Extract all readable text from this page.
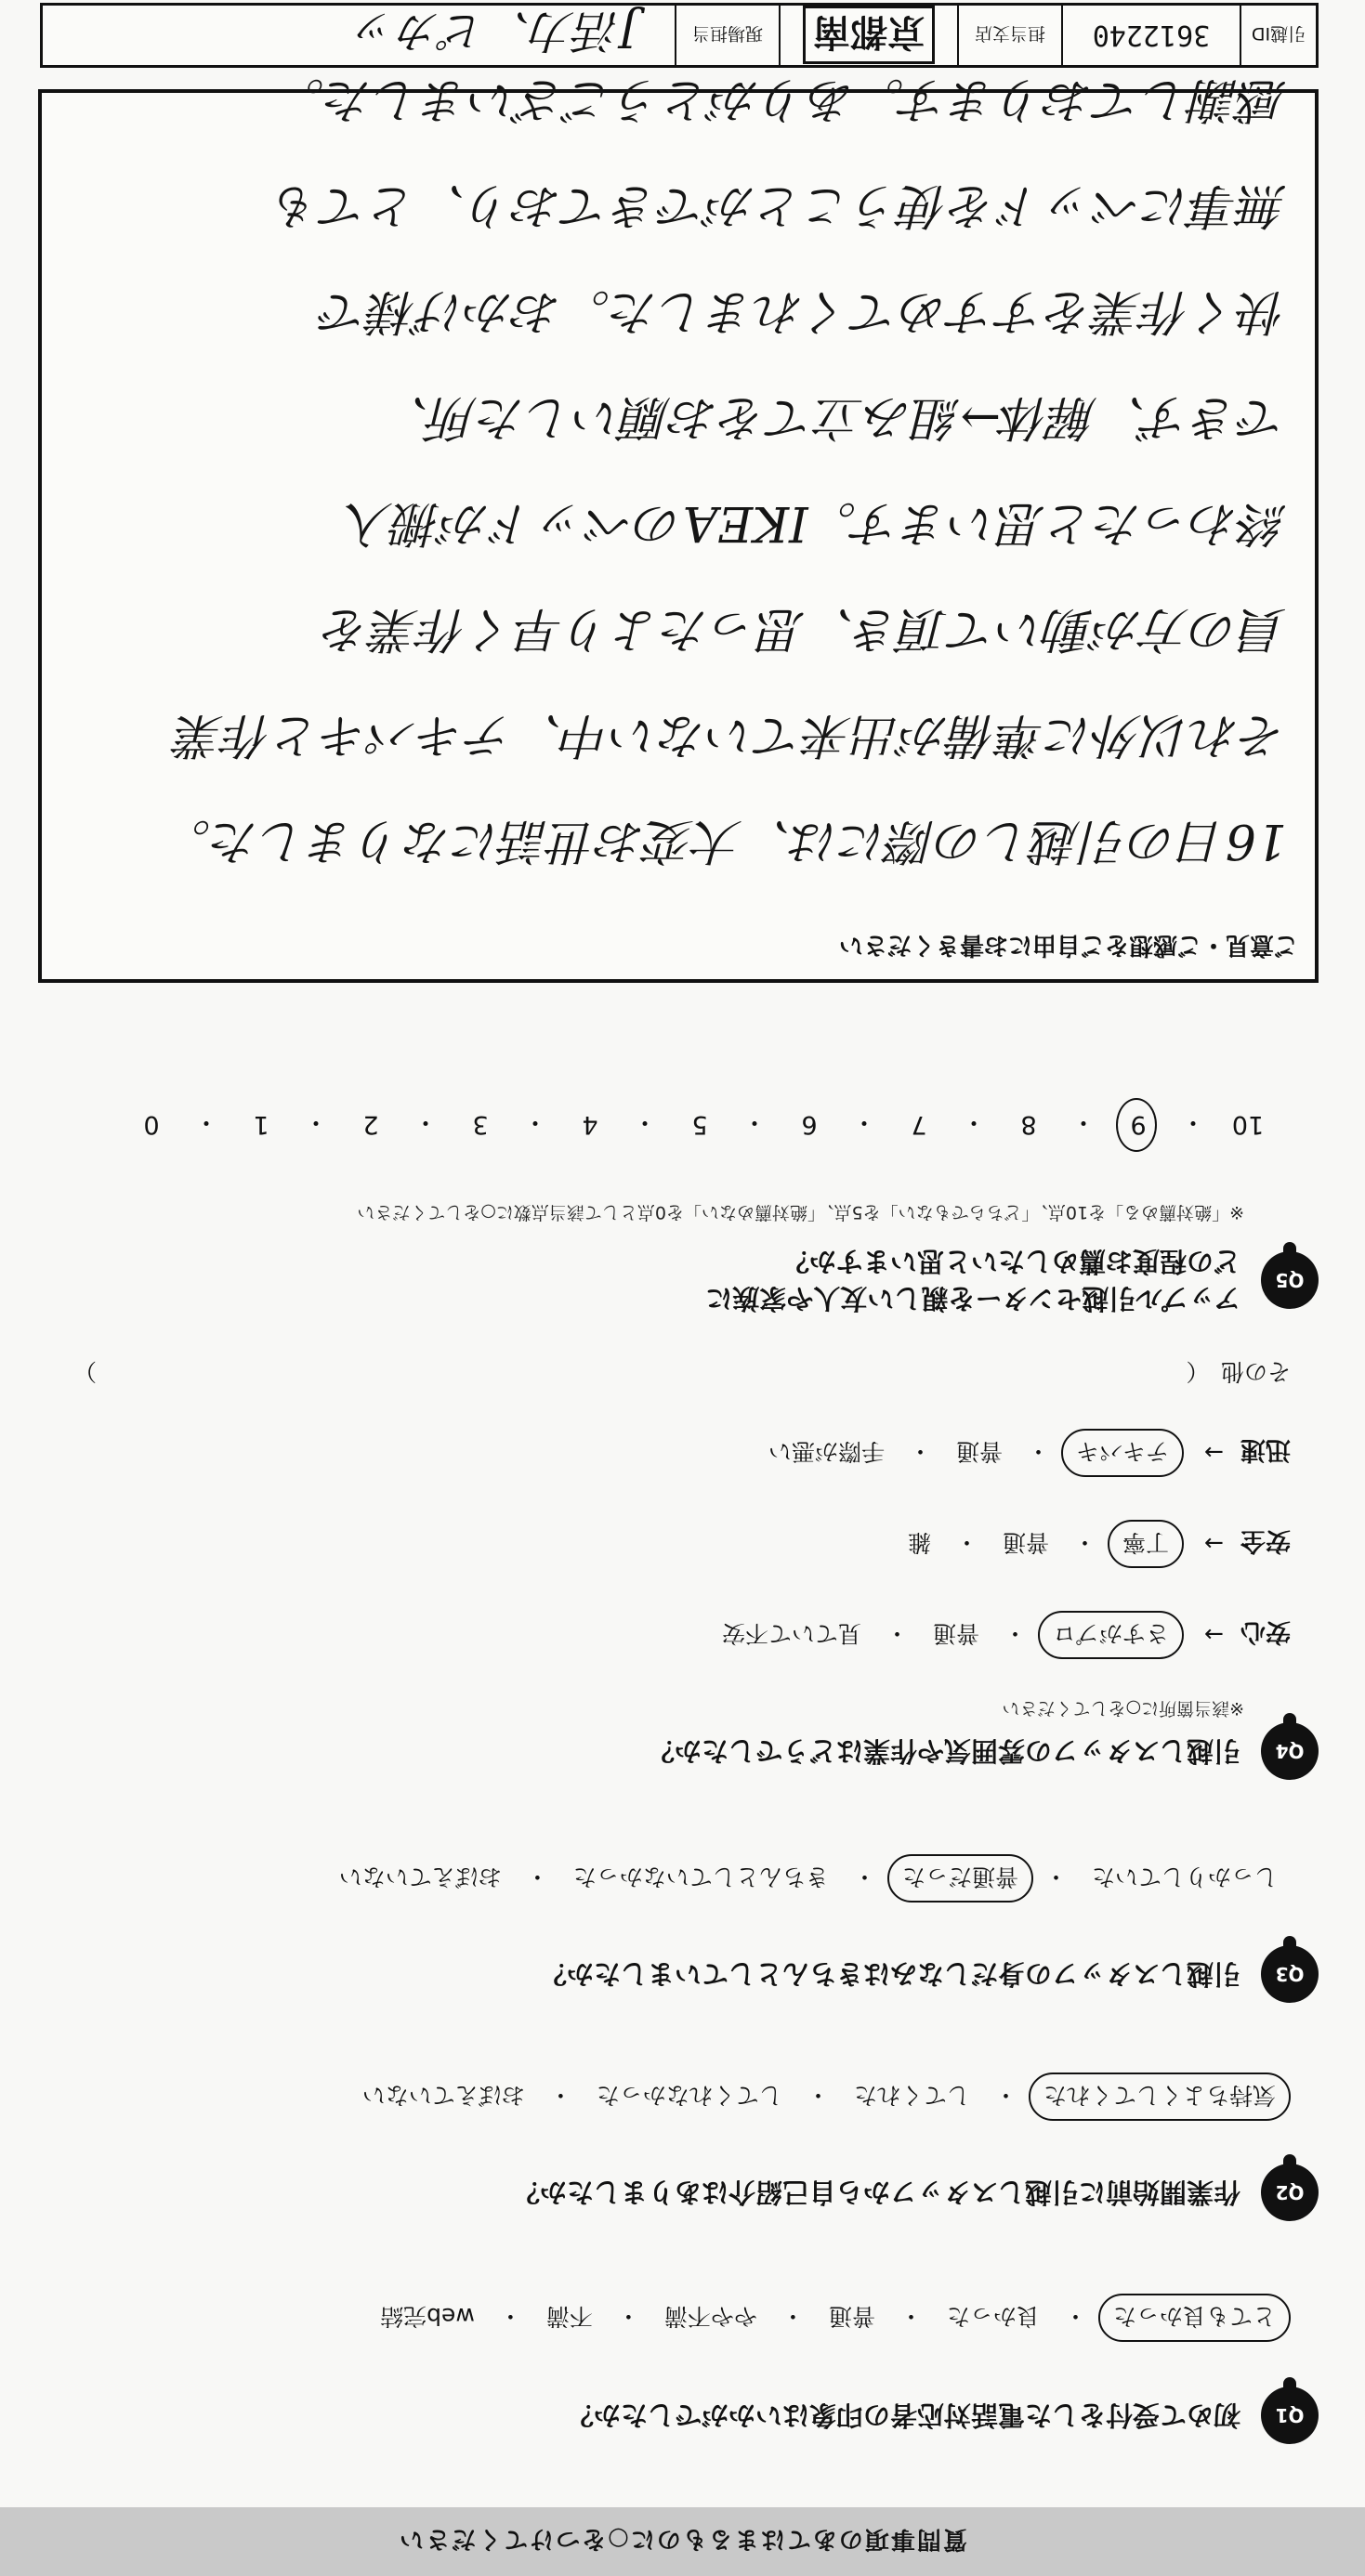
質問事項のあてはまるものに○をつけてください
Q1
初めて受付をした電話対応者の印象はいかがでしたか？
とても良かった
・
良かった
・
普通
・
やや不満
・
不満
・
web完結
Q2
作業開始前に引越しスタッフから自己紹介はありましたか？
気持ちよくしてくれた
・
してくれた
・
してくれなかった
・
おぼえていない
Q3
引越しスタッフの身だしなみはきちんとしていましたか？
しっかりしていた
・
普通だった
・
きちんとしていなかった
・
おぼえていない
Q4
引越しスタッフの雰囲気や作業はどうでしたか？
※該当箇所に○をしてください
安心
→
さすがプロ
・
普通
・
見ていて不安
安全
→
丁寧
・
普通
・
雑
迅速
→
テキパキ
・
普通
・
手際が悪い
その他　（
）
Q5
アップル引越センターを親しい友人や家族に
どの程度お薦めしたいと思いますか？
※「絶対薦める」を10点、「どちらでもない」を5点、「絶対薦めない」を0点として該当点数に○をしてください
10
・
9
・
8
・
7
・
6
・
5
・
4
・
3
・
2
・
1
・
0
ご意見・ご感想をご自由にお書きください
16日の引越しの際には、大変お世話になりました。
それ以外に準備が出来ていない中、テキパキと作業
員の方が動いて頂き、思ったより早く作業を
終わったと思います。IKEAのベッドが搬入
できず、解体→組み立てをお願いした所、
快く作業をすすめてくれました。おかげ様で
無事にベッドを使うことができており、とても
感謝しております。ありがとうございました。
引越ID
3612240
担当支店
京都南
現場担当
J活力、ピカッ
